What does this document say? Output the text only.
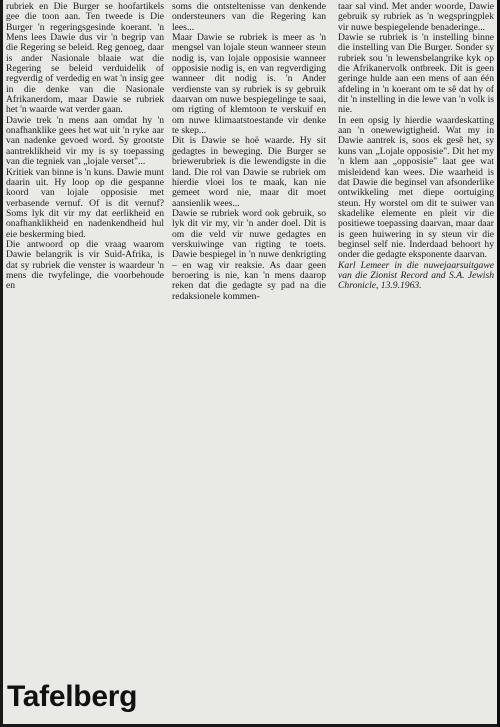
rubriek en Die Burger se hoofartikels gee die toon aan. Ten tweede is Die Burger 'n regeringsgesinde koerant. 'n Mens lees Dawie dus vir 'n begrip van die Regering se beleid. Reg genoeg, daar is ander Nasionale blaaie wat die Regering se beleid verduidelik of regverdig of verdedig en wat 'n insig gee in die denke van die Nasionale Afrikanerdom, maar Dawie se rubriek het 'n waarde wat verder gaan.

Dawie trek 'n mens aan omdat hy 'n onafhanklike gees het wat uit 'n ryke aar van nadenke gevoed word. Sy grootste aantreklikheid vir my is sy toepassing van die tegniek van „lojale verset"...

Kritiek van binne is 'n kuns. Dawie munt daarin uit. Hy loop op die gespanne koord van lojale opposisie met verbasende vernuf. Of is dit vernuf? Soms lyk dit vir my dat eerlikheid en onafhanklikheid en nadenkendheid hul eie beskerming bied.

Die antwoord op die vraag waarom Dawie belangrik is vir Suid-Afrika, is dat sy rubriek die venster is waardeur 'n mens die twyfelinge, die voorbehoude en

soms die ontsteltenisse van denkende ondersteuners van die Regering kan lees...

Maar Dawie se rubriek is meer as 'n mengsel van lojale steun wanneer steun nodig is, van lojale opposisie wanneer opposisie nodig is, en van regverdiging wanneer dit nodig is. 'n Ander verdienste van sy rubriek is sy gebruik daarvan om nuwe bespiegelinge te saai, om rigting of klemtoon te verskuif en om nuwe klimaatstoestande vir denke te skep...

Dit is Dawie se hoë waarde. Hy sit gedagtes in beweging. Die Burger se briewerubriek is die lewendigste in die land. Die rol van Dawie se rubriek om hierdie vloei los te maak, kan nie gemeet word nie, maar dit moet aansienlik wees...

Dawie se rubriek word ook gebruik, so lyk dit vir my, vir 'n ander doel. Dit is om die veld vir nuwe gedagtes en verskuiwinge van rigting te toets. Dawie bespiegel in 'n nuwe denkrigting – en wag vir reaksie. As daar geen beroering is nie, kan 'n mens daarop reken dat die gedagte sy pad na die redaksionele kommen-

taar sal vind. Met ander woorde, Dawie gebruik sy rubriek as 'n wegspringplek vir nuwe bespiegelende benaderinge...

Dawie se rubriek is 'n instelling binne die instelling van Die Burger. Sonder sy rubriek sou 'n lewensbelangrike kyk op die Afrikanervolk ontbreek. Dit is geen geringe hulde aan een mens of aan één afdeling in 'n koerant om te sê dat hy of dit 'n instelling in die lewe van 'n volk is nie.

In een opsig ly hierdie waardeskatting aan 'n onewewigtigheid. Wat my in Dawie aantrek is, soos ek gesê het, sy kuns van „Lojale opposisie". Dit het my 'n klem aan „opposisie" laat gee wat misleidend kan wees. Die waarheid is dat Dawie die beginsel van afsonderlike ontwikkeling met diepe oortuiging steun. Hy worstel om dit te suiwer van skadelike elemente en pleit vir die positiewe toepassing daarvan, maar daar is geen huiwering in sy steun vir die beginsel self nie. Inderdaad behoort hy onder die gedagte eksponente daarvan.

Karl Lemeer in die nuwejaarsuitgawe van die Zionist Record and S.A. Jewish Chronicle, 13.9.1963.

Tafelberg
